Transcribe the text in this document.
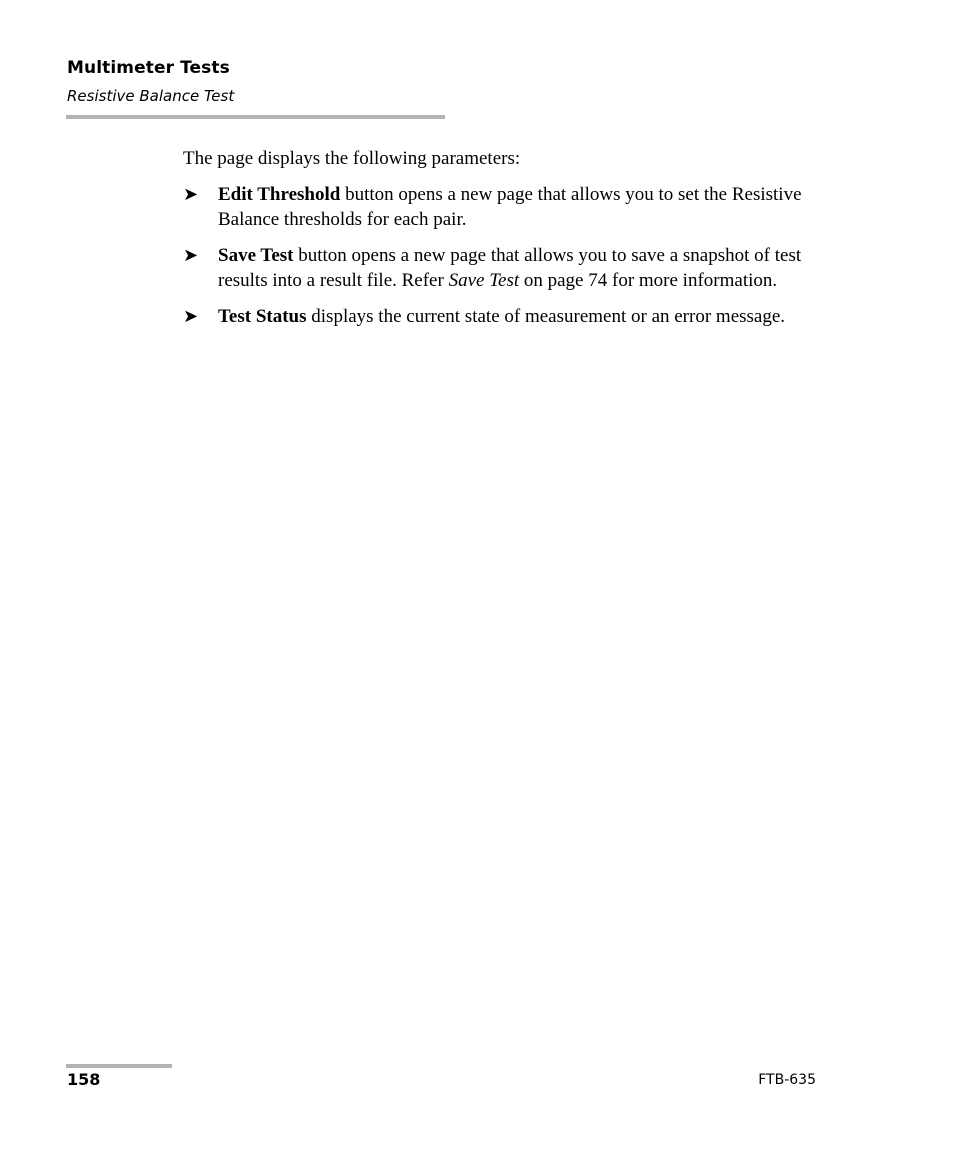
Multimeter Tests

Resistive Balance Test

The page displays the following parameters:

➤ Edit Threshold button opens a new page that allows you to set the Resistive Balance thresholds for each pair.
➤ Save Test button opens a new page that allows you to save a snapshot of test results into a result file. Refer Save Test on page 74 for more information.
➤ Test Status displays the current state of measurement or an error message.
158	FTB-635
